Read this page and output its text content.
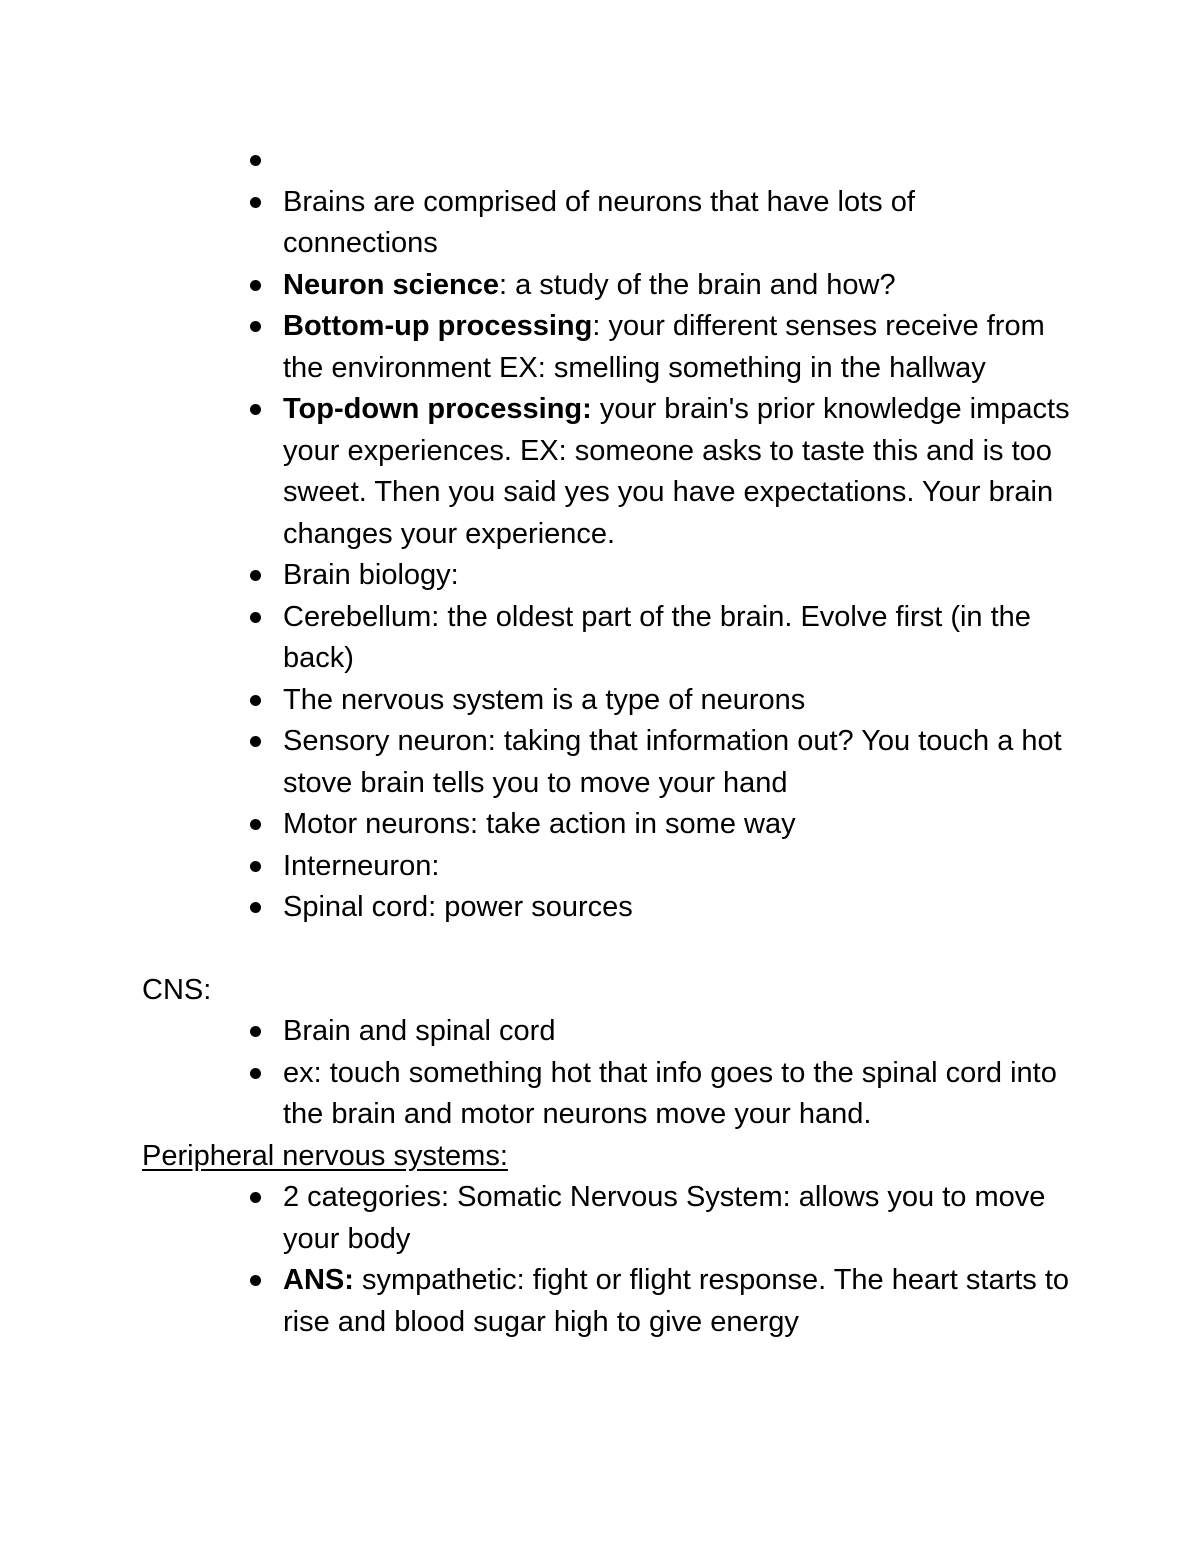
Brains are comprised of neurons that have lots of connections
Neuron science: a study of the brain and how?
Bottom-up processing: your different senses receive from the environment EX: smelling something in the hallway
Top-down processing: your brain's prior knowledge impacts your experiences. EX: someone asks to taste this and is too sweet. Then you said yes you have expectations. Your brain changes your experience.
Brain biology:
Cerebellum: the oldest part of the brain. Evolve first (in the back)
The nervous system is a type of neurons
Sensory neuron: taking that information out? You touch a hot stove brain tells you to move your hand
Motor neurons: take action in some way
Interneuron:
Spinal cord: power sources

CNS:

Brain and spinal cord
ex: touch something hot that info goes to the spinal cord into the brain and motor neurons move your hand.

Peripheral nervous systems:

2 categories: Somatic Nervous System: allows you to move your body
ANS: sympathetic: fight or flight response. The heart starts to rise and blood sugar high to give energy
